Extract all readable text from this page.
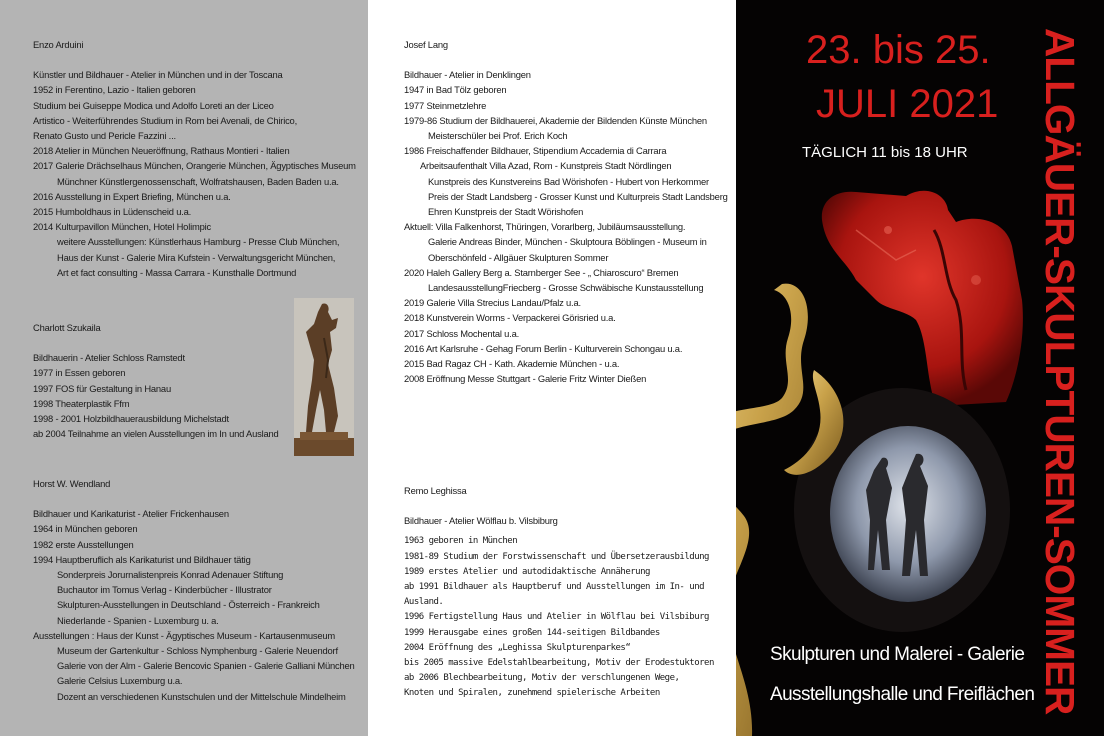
Enzo Arduini
Künstler und Bildhauer - Atelier in München und in der Toscana
1952 in Ferentino, Lazio - Italien geboren
Studium bei Guiseppe Modica und Adolfo Loreti an der Liceo
Artistico - Weiterführendes Studium in Rom bei Avenali, de Chirico,
Renato Gusto und Pericle Fazzini ...
2018 Atelier in München Neueröffnung, Rathaus Montieri - Italien
2017 Galerie Drächselhaus München, Orangerie München, Ägyptisches Museum
Münchner Künstlergenossenschaft, Wolfratshausen, Baden Baden u.a.
2016 Ausstellung in Expert Briefing, München u.a.
2015 Humboldhaus in Lüdenscheid u.a.
2014 Kulturpavillon München, Hotel Holimpic
weitere Ausstellungen: Künstlerhaus Hamburg - Presse Club München,
Haus der Kunst - Galerie Mira Kufstein - Verwaltungsgericht München,
Art et fact consulting - Massa Carrara - Kunsthalle Dortmund
Charlott Szukaila
Bildhauerin - Atelier Schloss Ramstedt
1977 in Essen geboren
1997 FOS für Gestaltung in Hanau
1998 Theaterplastik Ffm
1998 - 2001 Holzbildhauerausbildung Michelstadt
ab 2004 Teilnahme an vielen Ausstellungen im In und Ausland
Horst W. Wendland
Bildhauer und Karikaturist - Atelier Frickenhausen
1964 in München geboren
1982 erste Ausstellungen
1994 Hauptberuflich als Karikaturist und Bildhauer tätig
Sonderpreis Jorurnalistenpreis Konrad Adenauer Stiftung
Buchautor im Tomus Verlag - Kinderbücher - Illustrator
Skulpturen-Ausstellungen in Deutschland - Österreich - Frankreich
Niederlande - Spanien - Luxemburg u. a.
Ausstellungen : Haus der Kunst - Ägyptisches Museum - Kartausenmuseum
Museum der Gartenkultur - Schloss Nymphenburg - Galerie Neuendorf
Galerie von der Alm - Galerie Bencovic Spanien - Galerie Galliani München
Galerie Celsius Luxemburg u.a.
Dozent an verschiedenen Kunstschulen und der Mittelschule Mindelheim
Josef Lang
Bildhauer - Atelier in Denklingen
1947 in Bad Tölz geboren
1977 Steinmetzlehre
1979-86 Studium der Bildhauerei, Akademie der Bildenden Künste München
Meisterschüler bei Prof. Erich Koch
1986 Freischaffender Bildhauer, Stipendium Accademia di Carrara
Arbeitsaufenthalt Villa Azad, Rom - Kunstpreis Stadt Nördlingen
Kunstpreis des Kunstvereins Bad Wörishofen - Hubert von Herkommer
Preis der Stadt Landsberg - Grosser Kunst und Kulturpreis Stadt Landsberg
Ehren Kunstpreis der Stadt Wörishofen
Aktuell: Villa Falkenhorst, Thüringen, Vorarlberg, Jubiläumsausstellung.
Galerie Andreas Binder, München - Skulptoura Böblingen - Museum in
Oberschönfeld - Allgäuer Skulpturen Sommer
2020 Haleh Gallery Berg a. Starnberger See - „ Chiaroscuro“ Bremen
LandesausstellungFriecberg - Grosse Schwäbische Kunstausstellung
2019 Galerie Villa Strecius Landau/Pfalz u.a.
2018 Kunstverein Worms - Verpackerei Görisried u.a.
2017 Schloss Mochental u.a.
2016 Art Karlsruhe - Gehag Forum Berlin - Kulturverein Schongau u.a.
2015 Bad Ragaz CH - Kath. Akademie München - u.a.
2008 Eröffnung Messe Stuttgart - Galerie Fritz Winter Dießen
Remo Leghissa
Bildhauer - Atelier Wölflau b. Vilsbiburg
1963 geboren in München
1981-89 Studium der Forstwissenschaft und Übersetzerausbildung
1989 erstes Atelier und autodidaktische Annäherung
ab 1991 Bildhauer als Hauptberuf und Ausstellungen im In- und
Ausland.
1996 Fertigstellung Haus und Atelier in Wölflau bei Vilsbiburg
1999 Herausgabe eines großen 144-seitigen Bildbandes
2004 Eröffnung des „Leghissa Skulpturenparkes“
bis 2005 massive Edelstahlbearbeitung, Motiv der Erodestuktoren
ab 2006 Blechbearbeitung, Motiv der verschlungenen Wege,
Knoten und Spiralen, zunehmend spielerische Arbeiten
23. bis 25.
JULI 2021
TÄGLICH 11 bis 18 UHR
Skulpturen und Malerei - Galerie
Ausstellungshalle und Freiflächen ALLGÄUER-SKULPTUREN-SOMMER
